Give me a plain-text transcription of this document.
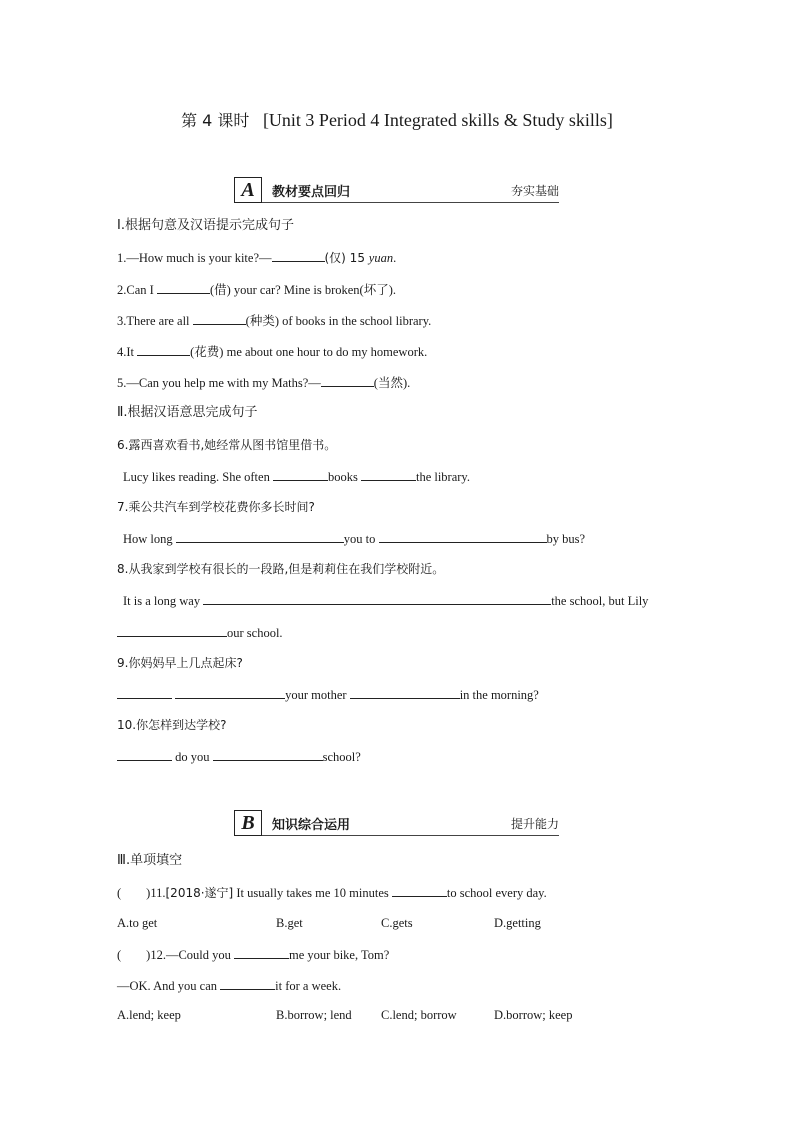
第 4 课时 [Unit 3 Period 4 Integrated skills & Study skills]
A	教材要点回归	夯实基础
Ⅰ.根据句意及汉语提示完成句子
1.—How much is your kite?—	(仅) 15 yuan.
2.Can I	(借) your car? Mine is broken(坏了).
3.There are all	(种类) of books in the school library.
4.It	(花费) me about one hour to do my homework.
5.—Can you help me with my Maths?—	(当然).
Ⅱ.根据汉语意思完成句子
6.露西喜欢看书,她经常从图书馆里借书。
Lucy likes reading. She often	books	the library.
7.乘公共汽车到学校花费你多长时间?
How long	you to	by bus?
8.从我家到学校有很长的一段路,但是莉莉住在我们学校附近。
It is a long way	the school, but Lily
our school.
9.你妈妈早上几点起床?
your mother	in the morning?
10.你怎样到达学校?
do you	school?
B	知识综合运用	提升能力
Ⅲ.单项填空
(　　)11.[2018·遂宁] It usually takes me 10 minutes	to school every day.
A.to get	B.get	C.gets	D.getting
(　　)12.—Could you	me your bike, Tom?
—OK. And you can	it for a week.
A.lend; keep	B.borrow; lend C.lend; borrow	D.borrow; keep
